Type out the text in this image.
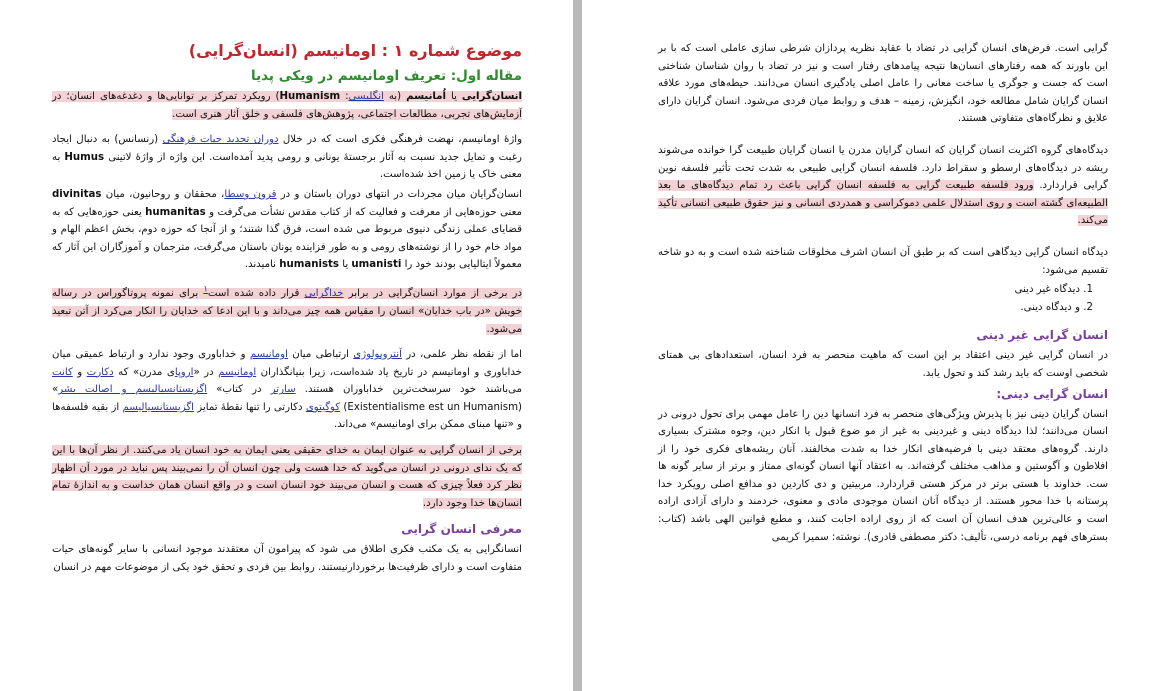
موضوع شماره ۱ : اومانیسم (انسان‌گرایی)
مقاله اول: تعریف اومانیسم در ویکی پدیا

انسان‌گرایی یا اُمانیسم (به انگلیسی: Humanism) رویکرد تمرکز بر توانایی‌ها و دغدغه‌های انسان؛ در آزمایش‌های تجربی، مطالعات اجتماعی، پژوهش‌های فلسفی و خلق آثار هنری است.

واژهٔ اومانیسم، نهضت فرهنگی فکری است که در خلال دوران تجدید حیات فرهنگی (رنسانس) به دنبال ایجاد رغبت و تمایل جدید نسبت به آثار برجستهٔ یونانی و رومی پدید آمده‌است. این واژه از واژهٔ لاتینی Humus به معنی خاک یا زمین اخذ شده‌است.

انسان‌گرایان میان مجردات در انتهای دوران باستان و در قرون وسطا، محققان و روحانیون، میان divinitas معنی حوزه‌هایی از معرفت و فعالیت که از کتاب مقدس نشأت می‌گرفت و humanitas یعنی حوزه‌هایی که به قضایای عملی زندگی دنیوی مربوط می شده است، فرق گذا شتند؛ و از آنجا که حوزه دوم، بخش اعظم الهام و مواد خام خود را از نوشته‌های رومی و به طور فزاینده یونان باستان می‌گرفت، مترجمان و آموزگاران این آثار که معمولاً ایتالیایی بودند خود را umanisti یا humanists نامیدند.

در برخی از موارد انسان‌گرایی در برابر خداگرایی قرار داده شده است$^۱$ برای نمونه پروتاگوراس در رساله خویش «در باب خدایان» انسان را مقیاس همه چیز می‌داند و با این ادعا که خدایان را انکار می‌کرد از آتن تبعید می‌شود.

اما از نقطه نظر علمی، در آنتروپولوژی ارتباطی میان اومانیسم و خداباوری وجود ندارد و ارتباط عمیقی میان خداباوری و اومانیسم در تاریخ یاد شده‌است، زیرا بنیانگذاران اومانیسم در «اروپای مدرن» که دکارت و کانت می‌باشند خود سرسخت‌ترین خداباوران هستند. سارتر در کتاب» اگزیستانسیالیسم و اصالت بشر» (Existentialisme est un Humanism) کوگیتوی دکارتی را تنها نقطهٔ تمایز اگزیستانسیالیسم از بقیه فلسفه‌ها و «تنها مبنای ممکن برای اومانیسم» می‌داند.

برخی از انسان گرایی به عنوان ایمان به خدای حقیقی یعنی ایمان به خود انسان یاد می‌کنند. از نظر آن‌ها با این که یک ندای درونی در انسان می‌گوید که خدا هست ولی چون انسان آن را نمی‌بیند پس نباید در مورد آن اظهار نظر کرد فعلاً چیزی که هست و انسان می‌بیند خود انسان است و در واقع انسان همان خداست و به اندازهٔ تمام انسان‌ها خدا وجود دارد.

معرفی انسان گرایی

انسانگرایی به یک مکتب فکری اطلاق می شود که پیرامون آن معتقدند موجود انسانی با سایر گونه‌های حیات متفاوت است و دارای ظرفیت‌ها برخوردارنیستند. روابط بین فردی و تحقق خود یکی از موضوعات مهم در انسان

گرایی است. فرض‌های انسان گرایی در تضاد با عقاید نظریه پردازان شرطی سازی عاملی است که با بر این باورند که همه رفتارهای انسان‌ها نتیجه پیامدهای رفتار است و نیز در تضاد با روان شناسان شناختی است که جست و جوگری یا ساخت معانی را عامل اصلی یادگیری انسان می‌دانند. حیطه‌های مورد علاقه انسان گرایان شامل مطالعه خود، انگیزش، زمینه – هدف و روابط میان فردی می‌شود. انسان گرایان دارای علایق و نظرگاه‌های متفاوتی هستند.

دیدگاه‌های گروه اکثریت انسان گرایان که انسان گرایان مدرن یا انسان گرایان طبیعت گرا خوانده می‌شوند ریشه در دیدگاه‌های ارسطو و سقراط دارد. فلسفه انسان گرایی طبیعی به شدت تحت تأثیر فلسفه نوین گرایی قراردارد. ورود فلسفه طبیعت گرایی به فلسفه انسان گرایی باعث رد تمام دیدگاه‌های ما بعد الطبیعه‌ای گشته است و روی استدلال علمی دموکراسی و همدردی انسانی و نیز حقوق طبیعی انسانی تأکید می‌کند.

دیدگاه انسان گرایی دیدگاهی است که بر طبق آن انسان اشرف مخلوقات شناخته شده است و به دو شاخه تقسیم می‌شود:

1. دیدگاه غیر دینی
2. و دیدگاه دینی.
انسان گرایی غیر دینی

در انسان گرایی غیر دینی اعتقاد بر این است که ماهیت منحصر به فرد انسان، استعدادهای بی همتای شخصی اوست که باید رشد کند و تحول یابد.

انسان گرایی دینی:

انسان گرایان دینی نیز با پذیرش ویژگی‌های منحصر به فرد انسانها دین را عامل مهمی برای تحول درونی در انسان می‌دانند؛ لذا دیدگاه دینی و غیردینی به غیر از مو ضوع قبول یا انکار دین، وجوه مشترک بسیاری دارند. گروه‌های معتقد دینی با فرضیه‌های انکار خدا به شدت مخالفند. آنان ریشه‌های فکری خود را از افلاطون و آگوستین و مذاهب مختلف گرفته‌اند. به اعتقاد آنها انسان گونه‌ای ممتاز و برتر از سایر گونه ها ست. خداوند با هستی برتر در مرکز هستی قراردارد. مربیتین و دی کاردین دو مدافع اصلی رویکرد خدا پرستانه با خدا محور هستند. از دیدگاه آنان انسان موجودی مادی و معنوی، خردمند و دارای آزادی اراده است و عالی‌ترین هدف انسان آن است که از روی اراده اجابت کنند، و مطیع قوانین الهی باشد (کتاب: بسترهای فهم برنامه درسی، تألیف: دکتر مصطفی قادری). نوشته: سمیرا کریمی
